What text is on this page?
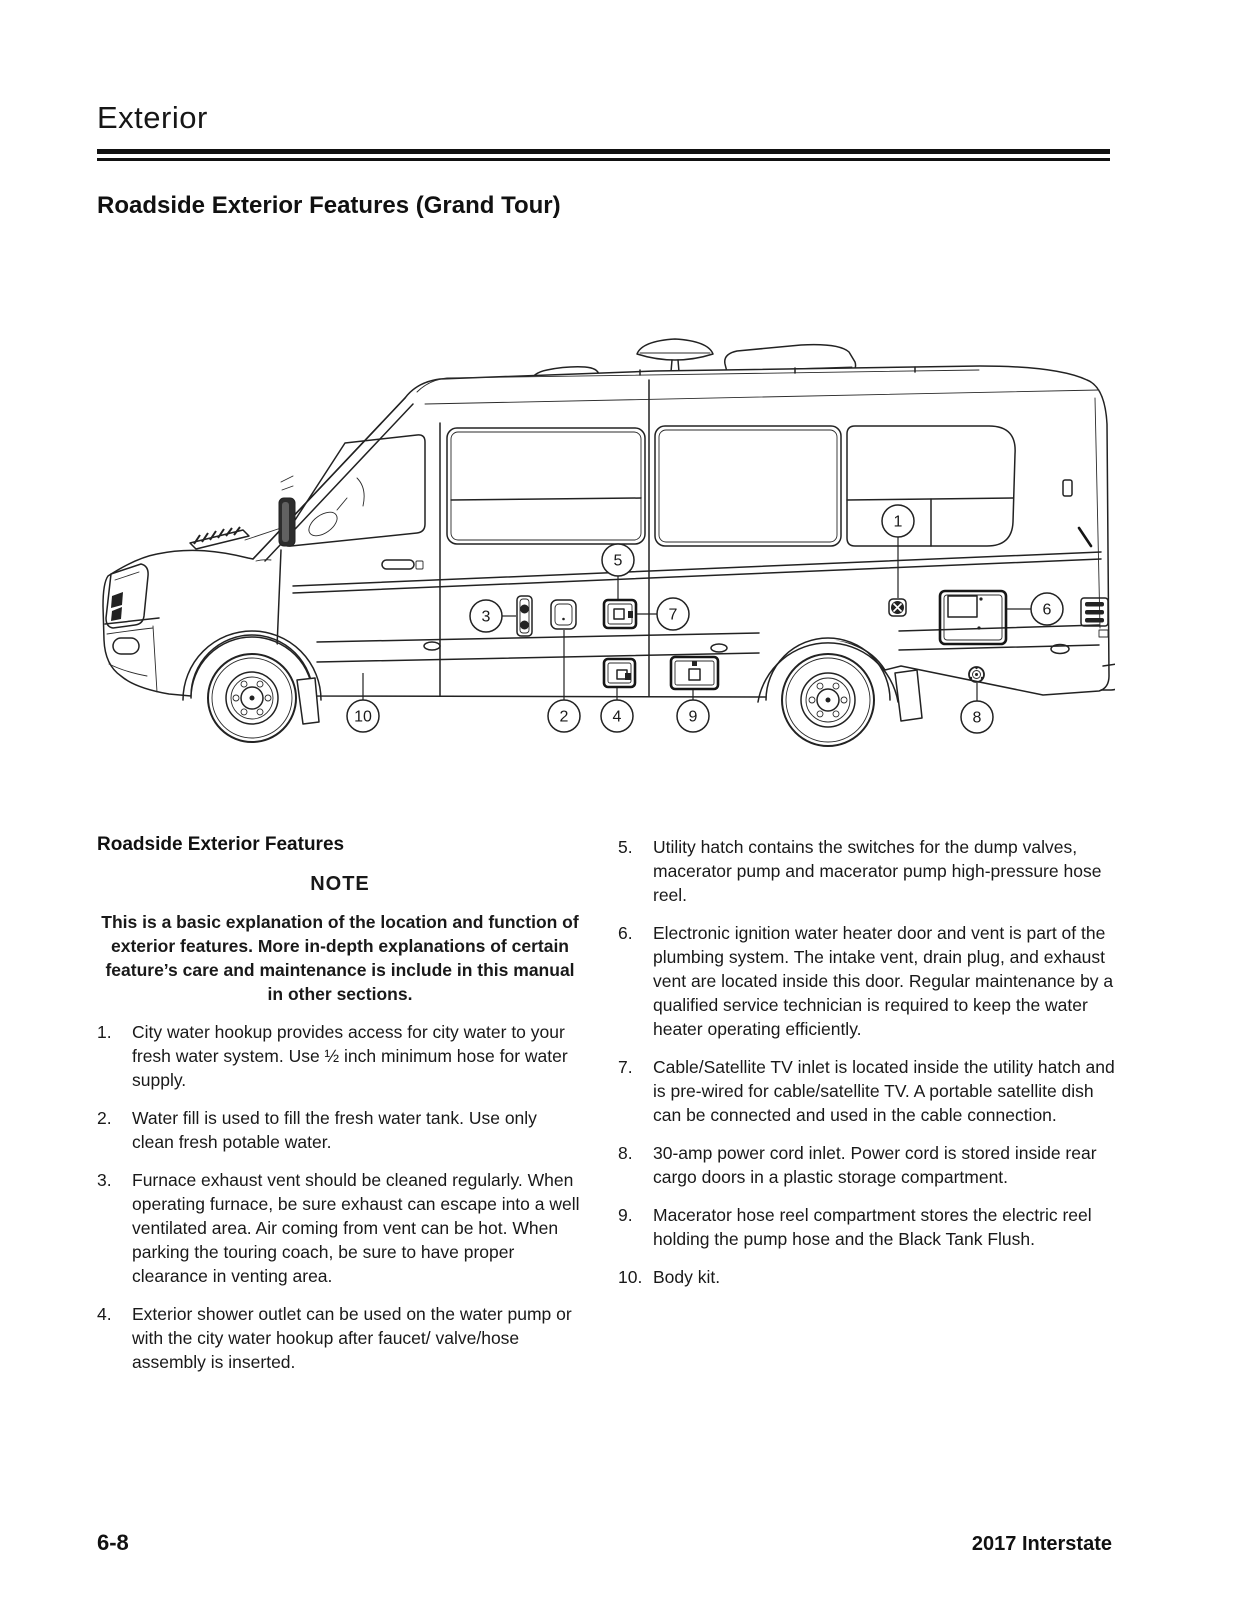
Exterior
Roadside Exterior Features (Grand Tour)
1
2
3
4
5
6
7
8
9
10
Roadside Exterior Features
NOTE

This is a basic explanation of the location and function of exterior features. More in-depth explanations of certain feature’s care and maintenance is include in this manual in other sections.

1.	City water hookup provides access for city water to your fresh water system. Use ½ inch minimum hose for water supply.
2.	Water fill is used to fill the fresh water tank. Use only clean fresh potable water.
3.	Furnace exhaust vent should be cleaned regularly. When operating furnace, be sure exhaust can escape into a well ventilated area. Air coming from vent can be hot. When parking the touring coach, be sure to have proper clearance in venting area.
4.	Exterior shower outlet can be used on the water pump or with the city water hookup after faucet/ valve/hose assembly is inserted.
5.	Utility hatch contains the switches for the dump valves, macerator pump and macerator pump high-pressure hose reel.
6.	Electronic ignition water heater door and vent is part of the plumbing system. The intake vent, drain plug, and exhaust vent are located inside this door. Regular maintenance by a qualified service technician is required to keep the water heater operating efficiently.
7.	Cable/Satellite TV inlet is located inside the utility hatch and is pre-wired for cable/satellite TV. A portable satellite dish can be connected and used in the cable connection.
8.	30-amp power cord inlet. Power cord is stored inside rear cargo doors in a plastic storage compartment.
9.	Macerator hose reel compartment stores the electric reel holding the pump hose and the Black Tank Flush.
10. Body kit.
6-8	2017 Interstate
